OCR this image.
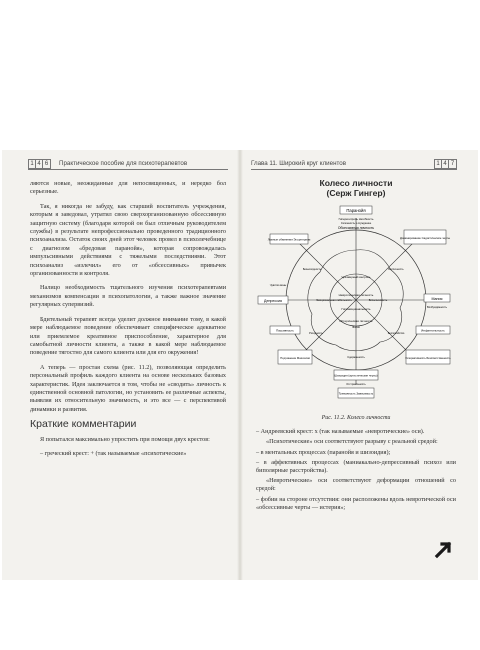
1 4 6 Практическое пособие для психотерапевтов	Глава 11. Широкий круг клиентов	1 4 7

ляются новые, неожиданные для непосвященных, и нередко бол серьезные.

Так, я никогда не забуду, как старший воспитатель учреждения, которым я заведовал, утратил свою сверхорганизованную обсессивную защитную систему (благодаря которой он был отличным руководителем службы) в результате непрофессионально проведенного традиционного психоанализа. Остаток своих дней этот человек провел в психолечебнице с диагнозом «бредовая паранойя», которая сопровождалась импульсивными действиями с тяжелыми последствиями. Этот психоанализ «излечил» его от «обсессивных» привычек организованности и контроля.

Налицо необходимость тщательного изучения психотерапевтами механизмов компенсации в психопатологии, а также важное значение регулярных супервизий.

Бдительный терапевт всегда уделит должное внимание тому, в какой мере наблюдаемое поведение обеспечивает специфическое адекватное или приемлемое креативное приспособление, характерное для самобытной личности клиента, а также в какой мере наблюдаемое поведение тягостно для самого клиента или для его окружения!

А теперь — простая схема (рис. 11.2), позволяющая определить персональный профиль каждого клиента на основе нескольких базовых характеристик. Идея заключается в том, чтобы не «сводить» личность к единственной основной патологии, но установить ее различные аспекты, выявляя их относительную значимость, и это все — с перспективой динамики и развития.

Краткие комментарии

Я попытался максимально упростить при помощи двух крестов:

– греческий крест: + (так называемые «психотические»

Колесо личности
(Серж Гингер)
Паранойя
Гиперконтроль Негибкость
Обсессивная личность
Ложные обвинения Эгоцентризм	Доминирование Садистические черты
Депрессия	Мания
Возбуждённость
Чувство вины
Чрезмерный контроль
Эмоциональная лабильность	Вспыльчивость
Невротическая личность
Гипоэмоциональность
Истерическая личность
Фобии
Безысходность	Беспечность
Ригидность	Беспокойство
Пассивность
Подчинение Мазохизм
Инфантильность
Гиперактивность Безответственность
Шизоидия (аутистические черты)
Отстранённость
Тревожность Зависимость
Сдержанность
Склонность к осуждению
Рис. 11.2. Колесо личности

– Андреевский крест: х (так называемые «невротические» оси).

«Психотические» оси соответствуют разрыву с реальной средой:

– в ментальных процессах (паранойя и шизоидия);

– в аффективных процессах (маниакально-депрессивный психоз или биполярные расстройства).

«Невротические» оси соответствуют деформации отношений со средой:

– фобии на стороне отсутствия: они расположены вдоль невротической оси «обсессивные черты — истерия»;
